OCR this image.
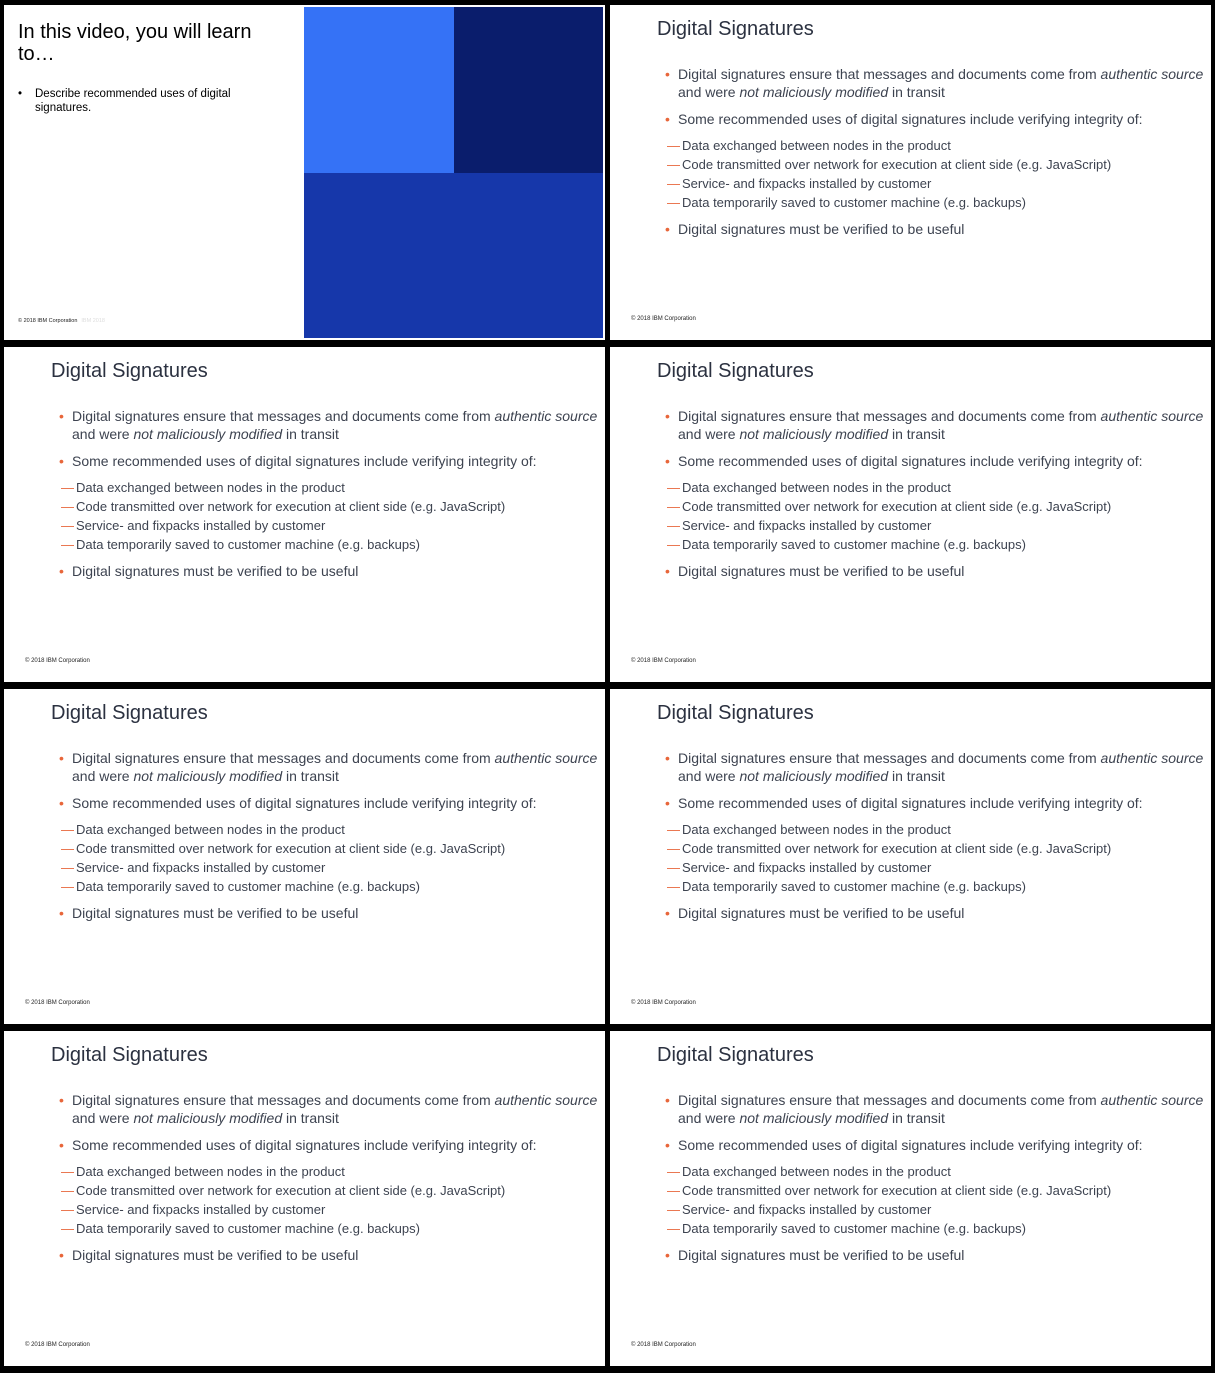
In this video, you will learn to…
• Describe recommended uses of digital signatures.
© 2018 IBM Corporation IBM 2018
Digital Signatures
• Digital signatures ensure that messages and documents come from authentic source and were not maliciously modified in transit
• Some recommended uses of digital signatures include verifying integrity of:
— Data exchanged between nodes in the product
— Code transmitted over network for execution at client side (e.g. JavaScript)
— Service- and fixpacks installed by customer
— Data temporarily saved to customer machine (e.g. backups)
• Digital signatures must be verified to be useful
© 2018 IBM Corporation
Digital Signatures
• Digital signatures ensure that messages and documents come from authentic source and were not maliciously modified in transit
• Some recommended uses of digital signatures include verifying integrity of:
— Data exchanged between nodes in the product
— Code transmitted over network for execution at client side (e.g. JavaScript)
— Service- and fixpacks installed by customer
— Data temporarily saved to customer machine (e.g. backups)
• Digital signatures must be verified to be useful
© 2018 IBM Corporation
Digital Signatures
• Digital signatures ensure that messages and documents come from authentic source and were not maliciously modified in transit
• Some recommended uses of digital signatures include verifying integrity of:
— Data exchanged between nodes in the product
— Code transmitted over network for execution at client side (e.g. JavaScript)
— Service- and fixpacks installed by customer
— Data temporarily saved to customer machine (e.g. backups)
• Digital signatures must be verified to be useful
© 2018 IBM Corporation
Digital Signatures
• Digital signatures ensure that messages and documents come from authentic source and were not maliciously modified in transit
• Some recommended uses of digital signatures include verifying integrity of:
— Data exchanged between nodes in the product
— Code transmitted over network for execution at client side (e.g. JavaScript)
— Service- and fixpacks installed by customer
— Data temporarily saved to customer machine (e.g. backups)
• Digital signatures must be verified to be useful
© 2018 IBM Corporation
Digital Signatures
• Digital signatures ensure that messages and documents come from authentic source and were not maliciously modified in transit
• Some recommended uses of digital signatures include verifying integrity of:
— Data exchanged between nodes in the product
— Code transmitted over network for execution at client side (e.g. JavaScript)
— Service- and fixpacks installed by customer
— Data temporarily saved to customer machine (e.g. backups)
• Digital signatures must be verified to be useful
© 2018 IBM Corporation
Digital Signatures
• Digital signatures ensure that messages and documents come from authentic source and were not maliciously modified in transit
• Some recommended uses of digital signatures include verifying integrity of:
— Data exchanged between nodes in the product
— Code transmitted over network for execution at client side (e.g. JavaScript)
— Service- and fixpacks installed by customer
— Data temporarily saved to customer machine (e.g. backups)
• Digital signatures must be verified to be useful
© 2018 IBM Corporation
Digital Signatures
• Digital signatures ensure that messages and documents come from authentic source and were not maliciously modified in transit
• Some recommended uses of digital signatures include verifying integrity of:
— Data exchanged between nodes in the product
— Code transmitted over network for execution at client side (e.g. JavaScript)
— Service- and fixpacks installed by customer
— Data temporarily saved to customer machine (e.g. backups)
• Digital signatures must be verified to be useful
© 2018 IBM Corporation
